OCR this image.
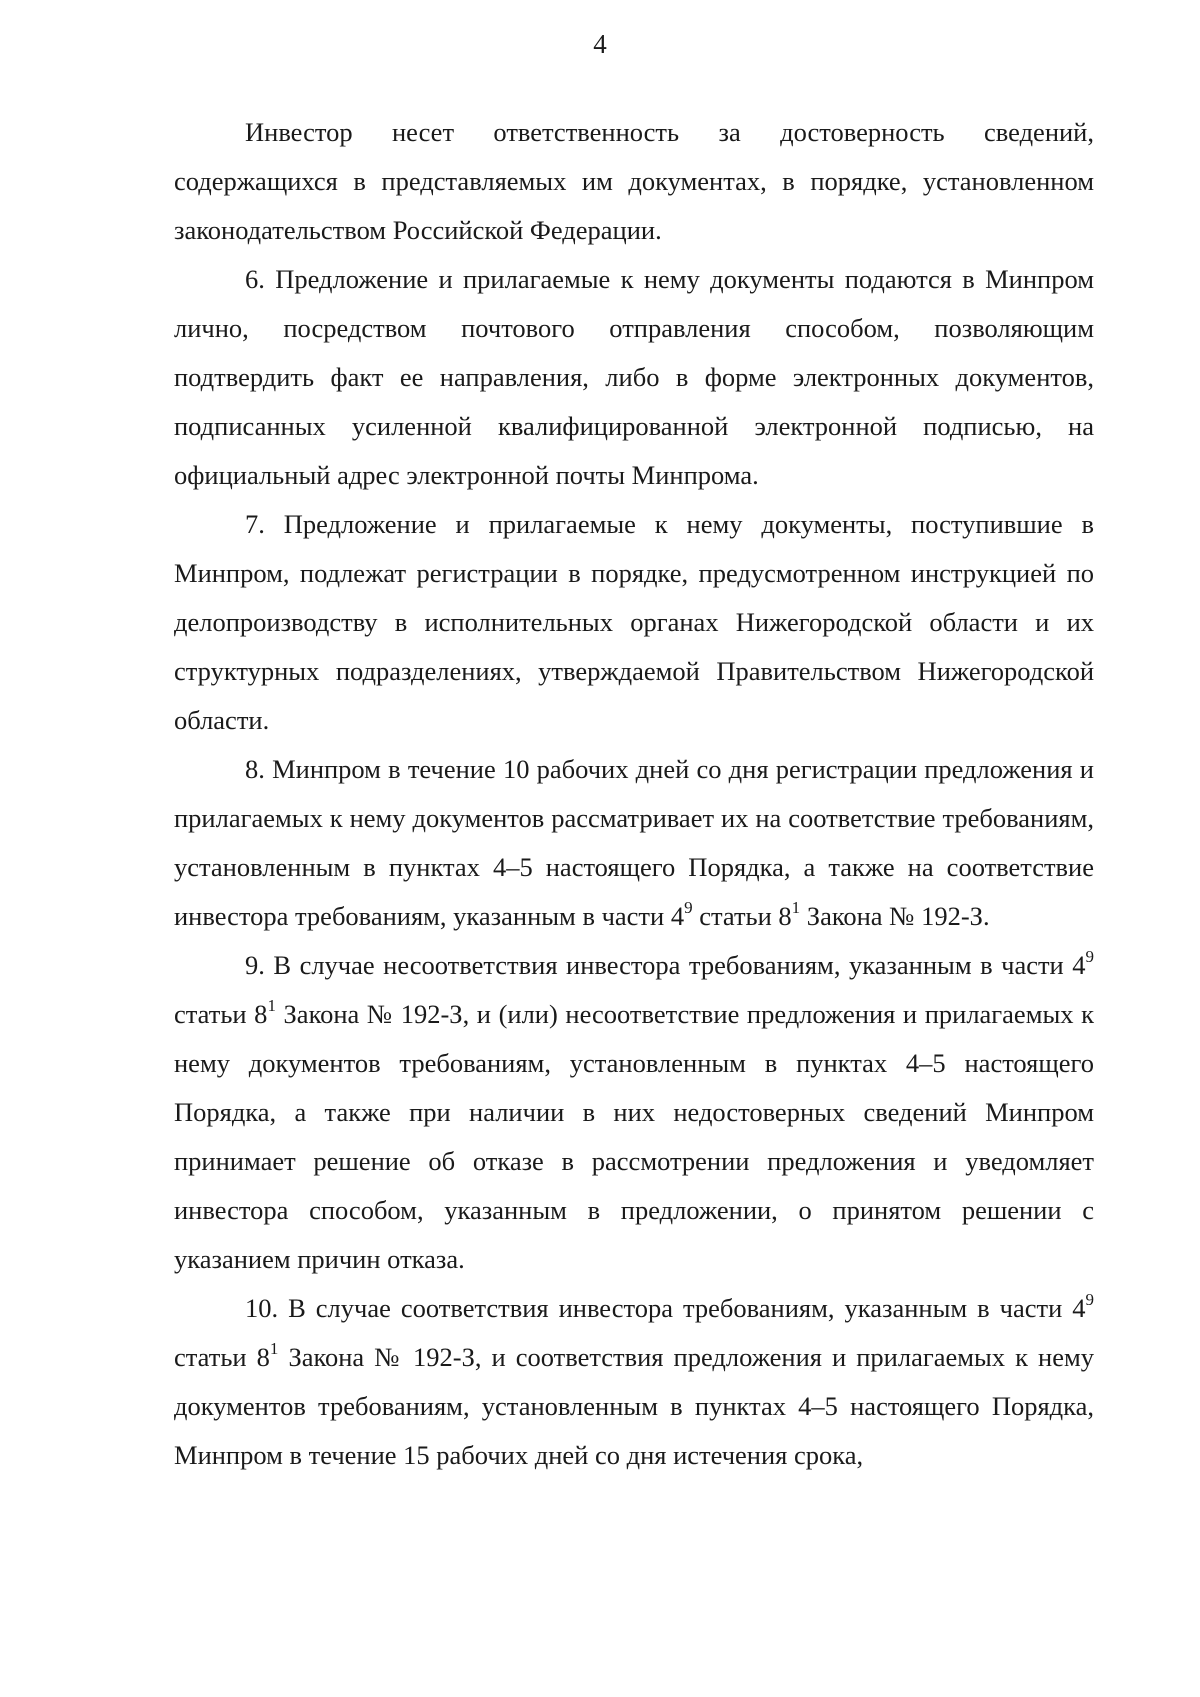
4

Инвестор несет ответственность за достоверность сведений, содержащихся в представляемых им документах, в порядке, установленном законодательством Российской Федерации.

6. Предложение и прилагаемые к нему документы подаются в Минпром лично, посредством почтового отправления способом, позволяющим подтвердить факт ее направления, либо в форме электронных документов, подписанных усиленной квалифицированной электронной подписью, на официальный адрес электронной почты Минпрома.

7. Предложение и прилагаемые к нему документы, поступившие в Минпром, подлежат регистрации в порядке, предусмотренном инструкцией по делопроизводству в исполнительных органах Нижегородской области и их структурных подразделениях, утверждаемой Правительством Нижегородской области.

8. Минпром в течение 10 рабочих дней со дня регистрации предложения и прилагаемых к нему документов рассматривает их на соответствие требованиям, установленным в пунктах 4–5 настоящего Порядка, а также на соответствие инвестора требованиям, указанным в части $4^9$ статьи $8^1$ Закона № 192-З.

9. В случае несоответствия инвестора требованиям, указанным в части $4^9$ статьи $8^1$ Закона № 192-З, и (или) несоответствие предложения и прилагаемых к нему документов требованиям, установленным в пунктах 4–5 настоящего Порядка, а также при наличии в них недостоверных сведений Минпром принимает решение об отказе в рассмотрении предложения и уведомляет инвестора способом, указанным в предложении, о принятом решении с указанием причин отказа.

10. В случае соответствия инвестора требованиям, указанным в части $4^9$ статьи $8^1$ Закона № 192-З, и соответствия предложения и прилагаемых к нему документов требованиям, установленным в пунктах 4–5 настоящего Порядка, Минпром в течение 15 рабочих дней со дня истечения срока,
